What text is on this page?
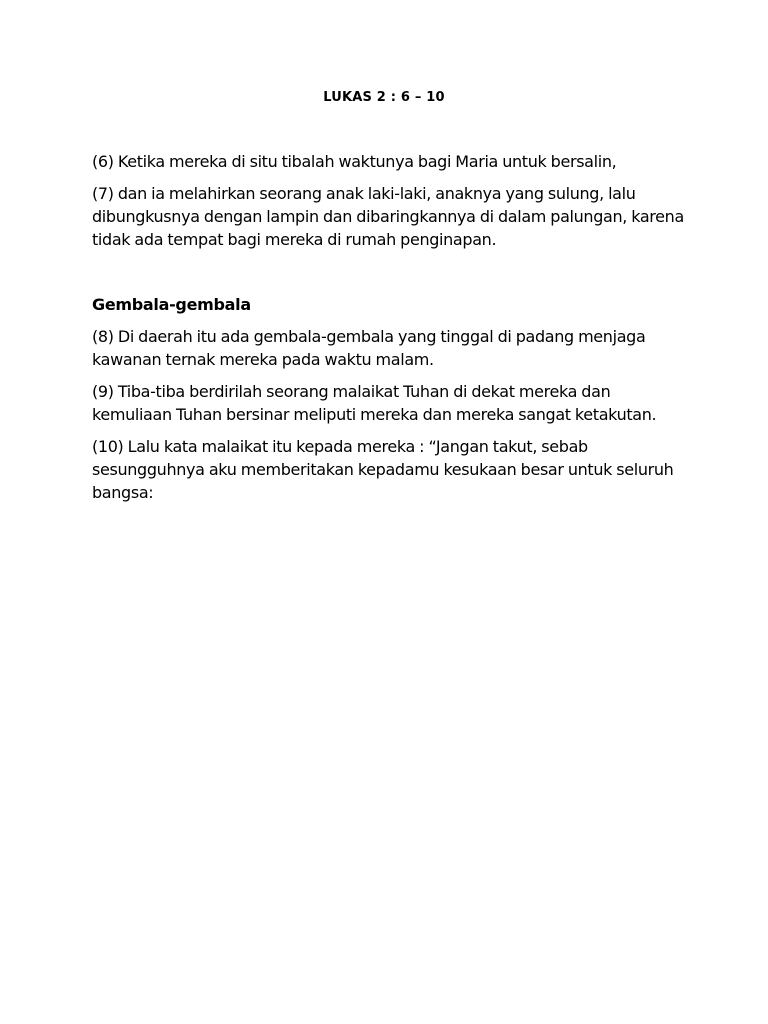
LUKAS 2 : 6 – 10

(6) Ketika mereka di situ tibalah waktunya bagi Maria untuk bersalin,

(7) dan ia melahirkan seorang anak laki-laki, anaknya yang sulung, lalu dibungkusnya dengan lampin dan dibaringkannya di dalam palungan, karena tidak ada tempat bagi mereka di rumah penginapan.

Gembala-gembala

(8) Di daerah itu ada gembala-gembala yang tinggal di padang menjaga kawanan ternak mereka pada waktu malam.

(9) Tiba-tiba berdirilah seorang malaikat Tuhan di dekat mereka dan kemuliaan Tuhan bersinar meliputi mereka dan mereka sangat ketakutan.

(10) Lalu kata malaikat itu kepada mereka : “Jangan takut, sebab sesungguhnya aku memberitakan kepadamu kesukaan besar untuk seluruh bangsa:
